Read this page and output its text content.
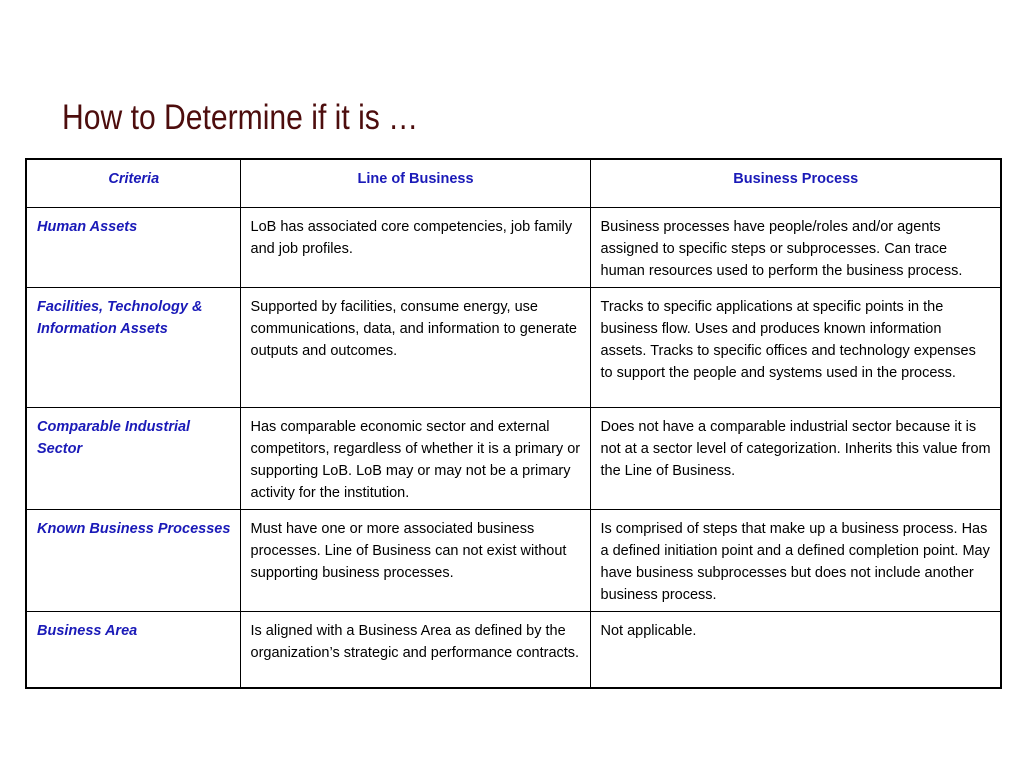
How to Determine if it is …
Criteria	Line of Business	Business Process
Human Assets	LoB has associated core competencies, job family and job profiles.	Business processes have people/roles and/or agents assigned to specific steps or subprocesses. Can trace human resources used to perform the business process.
Facilities, Technology & Information Assets	Supported by facilities, consume energy, use communications, data, and information to generate outputs and outcomes.	Tracks to specific applications at specific points in the business flow. Uses and produces known information assets. Tracks to specific offices and technology expenses to support the people and systems used in the process.
Comparable Industrial Sector	Has comparable economic sector and external competitors, regardless of whether it is a primary or supporting LoB. LoB may or may not be a primary activity for the institution.	Does not have a comparable industrial sector because it is not at a sector level of categorization. Inherits this value from the Line of Business.
Known Business Processes	Must have one or more associated business processes. Line of Business can not exist without supporting business processes.	Is comprised of steps that make up a business process. Has a defined initiation point and a defined completion point. May have business subprocesses but does not include another business process.
Business Area	Is aligned with a Business Area as defined by the organization’s strategic and performance contracts.	Not applicable.
